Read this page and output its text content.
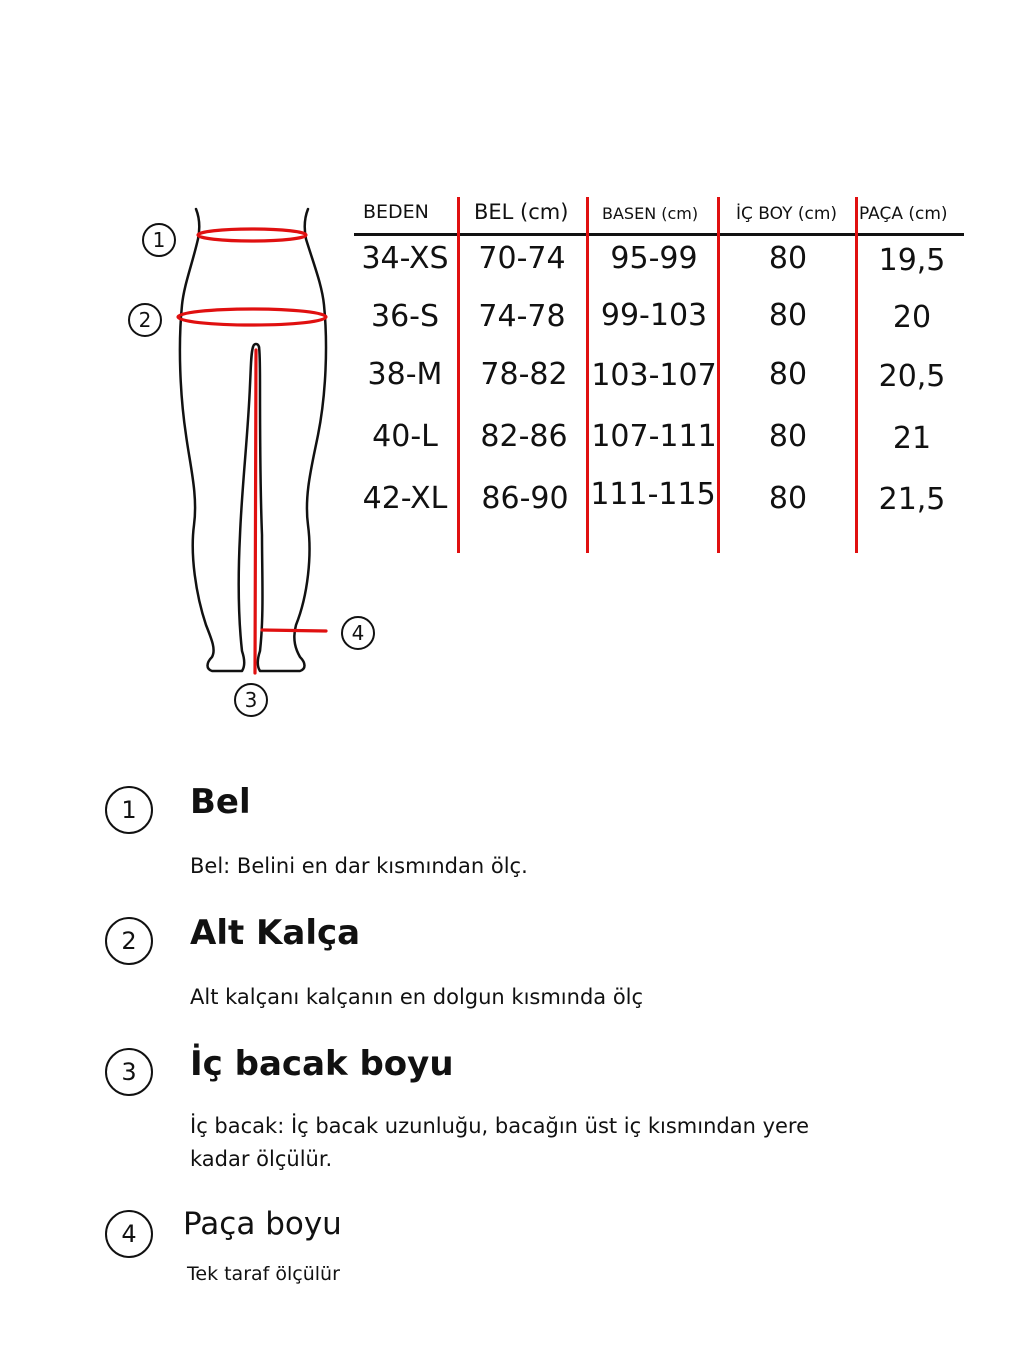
1
2
3
4
BEDEN BEL (cm) BASEN (cm) İÇ BOY (cm) PAÇA (cm)
34-XS 70-74 95-99 80 19,5
36-S 74-78 99-103 80	20
38-M 78-82 103-107 80 20,5
40-L 82-86 107-111 80	21
42-XL 86-90 111-115 80 21,5
1	Bel
Bel: Belini en dar kısmından ölç.
2	Alt Kalça
Alt kalçanı kalçanın en dolgun kısmında ölç
3	İç bacak boyu
İç bacak: İç bacak uzunluğu, bacağın üst iç kısmından yere
kadar ölçülür.
4	Paça boyu
Tek taraf ölçülür
